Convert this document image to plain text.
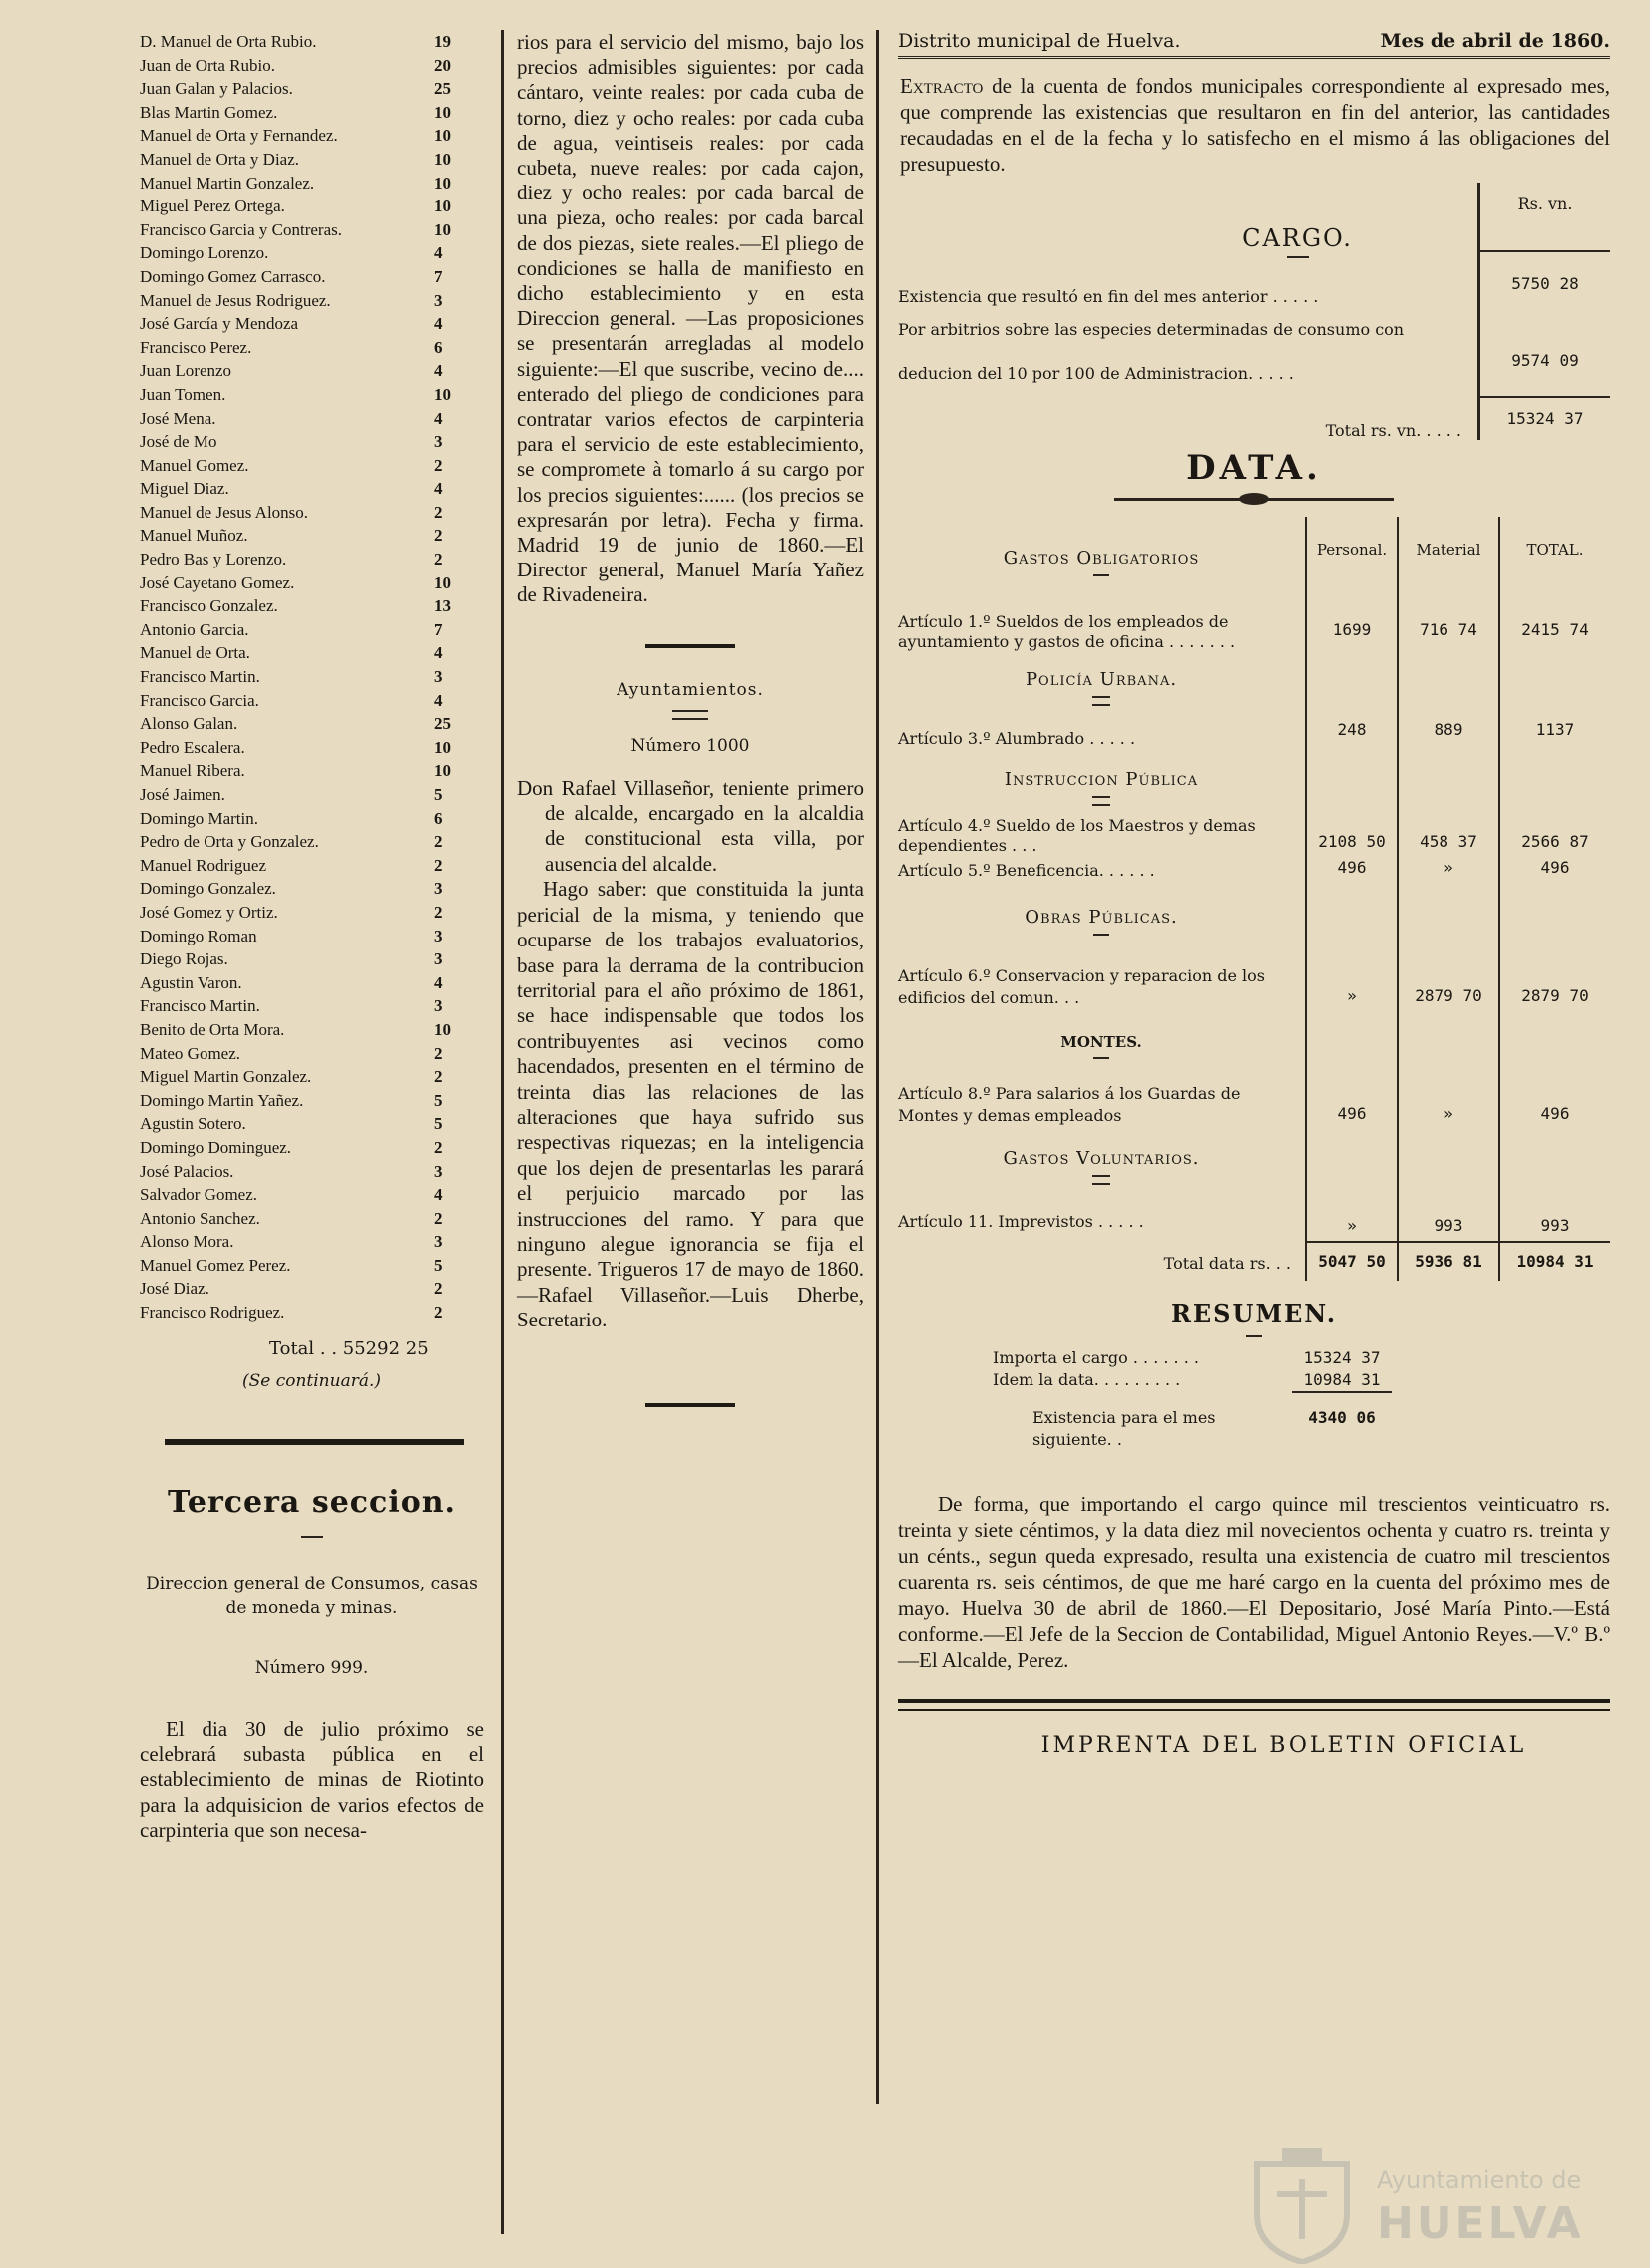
D. Manuel de Orta Rubio.	19
Juan de Orta Rubio.	20
Juan Galan y Palacios.	25
Blas Martin Gomez.	10
Manuel de Orta y Fernandez.	10
Manuel de Orta y Diaz.	10
Manuel Martin Gonzalez.	10
Miguel Perez Ortega.	10
Francisco Garcia y Contreras.	10
Domingo Lorenzo.	4
Domingo Gomez Carrasco.	7
Manuel de Jesus Rodriguez.	3
José García y Mendoza	4
Francisco Perez.	6
Juan Lorenzo	4
Juan Tomen.	10
José Mena.	4
José de Mo	3
Manuel Gomez.	2
Miguel Diaz.	4
Manuel de Jesus Alonso.	2
Manuel Muñoz.	2
Pedro Bas y Lorenzo.	2
José Cayetano Gomez.	10
Francisco Gonzalez.	13
Antonio Garcia.	7
Manuel de Orta.	4
Francisco Martin.	3
Francisco Garcia.	4
Alonso Galan.	25
Pedro Escalera.	10
Manuel Ribera.	10
José Jaimen.	5
Domingo Martin.	6
Pedro de Orta y Gonzalez.	2
Manuel Rodriguez	2
Domingo Gonzalez.	3
José Gomez y Ortiz.	2
Domingo Roman	3
Diego Rojas.	3
Agustin Varon.	4
Francisco Martin.	3
Benito de Orta Mora.	10
Mateo Gomez.	2
Miguel Martin Gonzalez.	2
Domingo Martin Yañez.	5
Agustin Sotero.	5
Domingo Dominguez.	2
José Palacios.	3
Salvador Gomez.	4
Antonio Sanchez.	2
Alonso Mora.	3
Manuel Gomez Perez.	5
José Diaz.	2
Francisco Rodriguez.	2
Total . . 55292 25
(Se continuará.)
Tercera seccion.
Direccion general de Consumos, casas de moneda y minas.
Número 999.
El dia 30 de julio próximo se celebrará subasta pública en el establecimiento de minas de Riotinto para la adquisicion de varios efectos de carpinteria que son necesa-
rios para el servicio del mismo, bajo los precios admisibles siguientes: por cada cántaro, veinte reales: por cada cuba de torno, diez y ocho reales: por cada cuba de agua, veintiseis reales: por cada cubeta, nueve reales: por cada cajon, diez y ocho reales: por cada barcal de una pieza, ocho reales: por cada barcal de dos piezas, siete reales.—El pliego de condiciones se halla de manifiesto en dicho establecimiento y en esta Direccion general. —Las proposiciones se presentarán arregladas al modelo siguiente:—El que suscribe, vecino de.... enterado del pliego de condiciones para contratar varios efectos de carpinteria para el servicio de este establecimiento, se compromete à tomarlo á su cargo por los precios siguientes:...... (los precios se expresarán por letra). Fecha y firma. Madrid 19 de junio de 1860.—El Director general, Manuel María Yañez de Rivadeneira.
Ayuntamientos.
Número 1000

Don Rafael Villaseñor, teniente primero de alcalde, encargado en la alcaldia de constitucional esta villa, por ausencia del alcalde.

Hago saber: que constituida la junta pericial de la misma, y teniendo que ocuparse de los trabajos evaluatorios, base para la derrama de la contribucion territorial para el año próximo de 1861, se hace indispensable que todos los contribuyentes asi vecinos como hacendados, presenten en el término de treinta dias las relaciones de las alteraciones que haya sufrido sus respectivas riquezas; en la inteligencia que los dejen de presentarlas les parará el perjuicio marcado por las instrucciones del ramo. Y para que ninguno alegue ignorancia se fija el presente. Trigueros 17 de mayo de 1860.—Rafael Villaseñor.—Luis Dherbe, Secretario.

Distrito municipal de Huelva.	Mes de abril de 1860.
Extracto de la cuenta de fondos municipales correspondiente al expresado mes, que comprende las existencias que resultaron en fin del anterior, las cantidades recaudadas en el de la fecha y lo satisfecho en el mismo á las obligaciones del presupuesto.
CARGO.
Rs. vn.
Existencia que resultó en fin del mes anterior . . . . .
5750 28
Por arbitrios sobre las especies determinadas de consumo con deducion del 10 por 100 de Administracion. . . . .
9574 09
Total rs. vn. . . . .
15324 37
DATA.
Gastos Obligatorios	Personal.	Material	TOTAL.
Artículo 1.º Sueldos de los empleados de ayuntamiento y gastos de oficina . . . . . . .
1699	716 74	2415 74
Policía Urbana.
Artículo 3.º Alumbrado . . . . .	248	889	1137
Instruccion Pública
Artículo 4.º Sueldo de los Maestros y demas dependientes . . .	2108 50	458 37	2566 87
Artículo 5.º Beneficencia. . . . . .	496	»	496
Obras Públicas.
Artículo 6.º Conservacion y reparacion de los edificios del comun. . .	»	2879 70	2879 70
MONTES.
Artículo 8.º Para salarios á los Guardas de Montes y demas empleados	496	»	496
Gastos Voluntarios.
Artículo 11. Imprevistos . . . . .	»	993	993
Total data rs. . .	5047 50	5936 81	10984 31
RESUMEN.
Importa el cargo . . . . . . .	15324 37
Idem la data. . . . . . . . .	10984 31
Existencia para el mes siguiente. .
4340 06
De forma, que importando el cargo quince mil trescientos veinticuatro rs. treinta y siete céntimos, y la data diez mil novecientos ochenta y cuatro rs. treinta y un cénts., segun queda expresado, resulta una existencia de cuatro mil trescientos cuarenta rs. seis céntimos, de que me haré cargo en la cuenta del próximo mes de mayo. Huelva 30 de abril de 1860.—El Depositario, José María Pinto.—Está conforme.—El Jefe de la Seccion de Contabilidad, Miguel Antonio Reyes.—V.º B.º—El Alcalde, Perez.
IMPRENTA DEL BOLETIN OFICIAL
Ayuntamiento de
HUELVA
